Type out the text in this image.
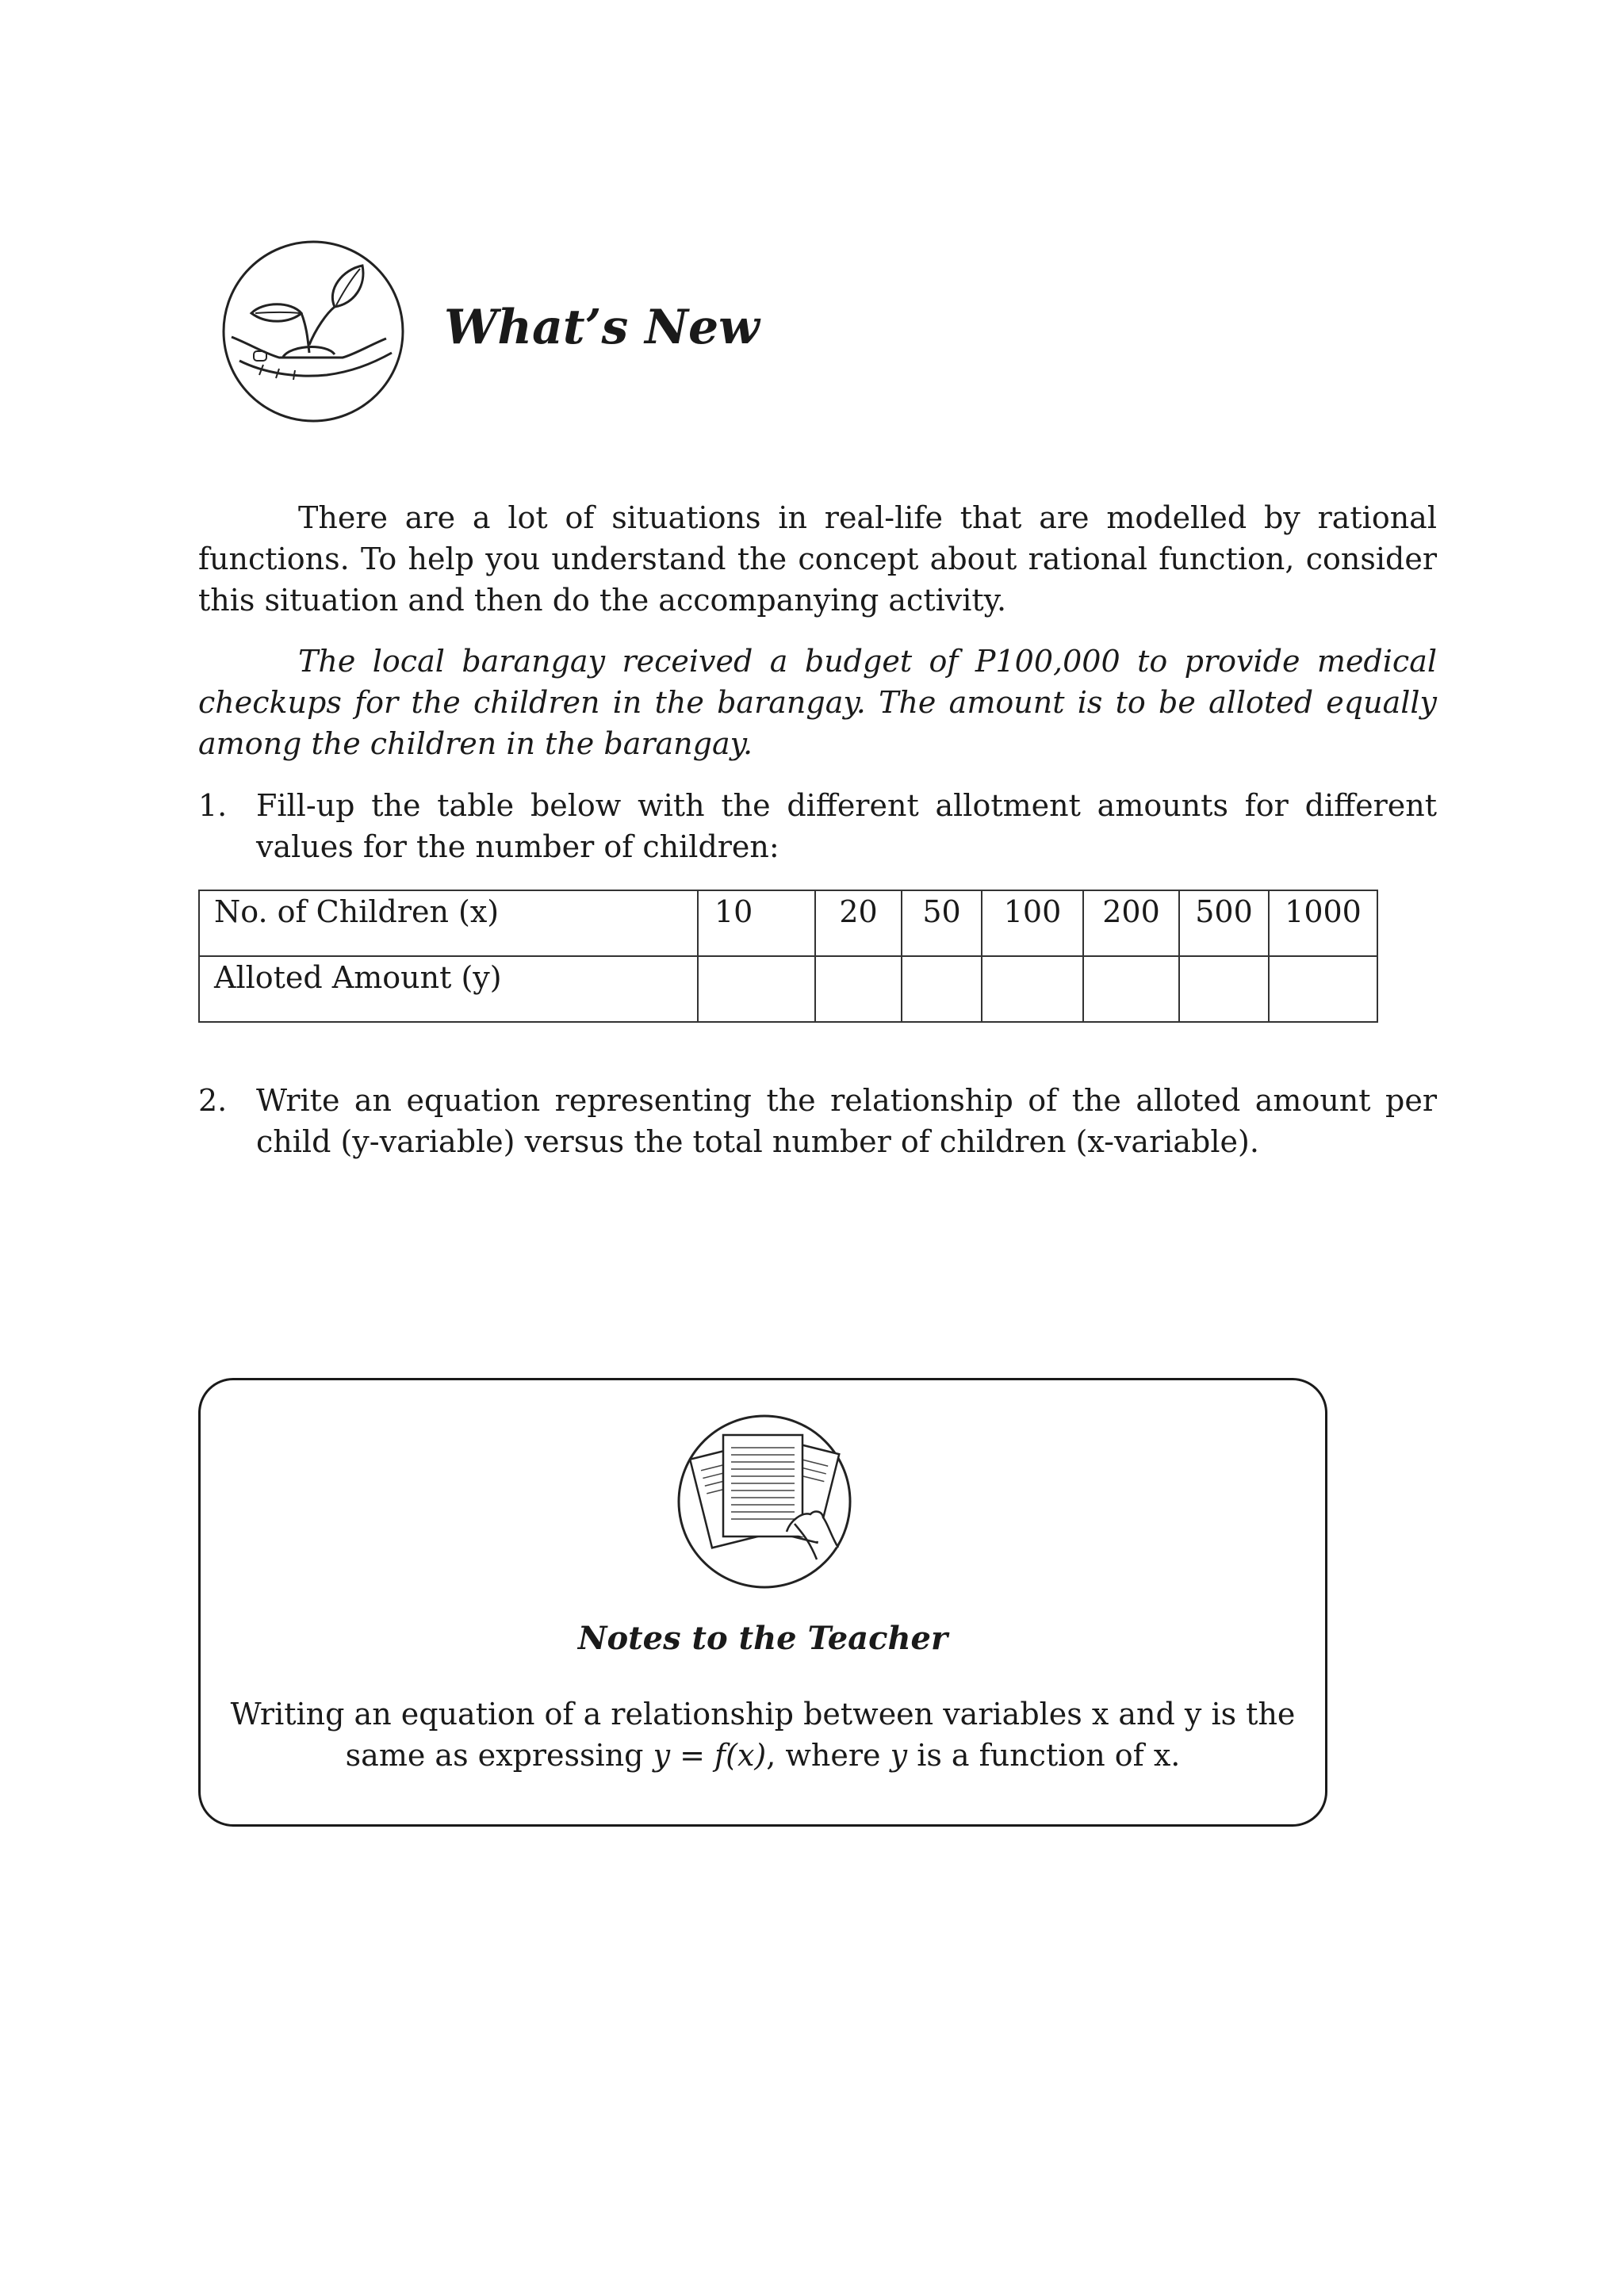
What’s New

There are a lot of situations in real-life that are modelled by rational functions. To help you understand the concept about rational function, consider this situation and then do the accompanying activity.

The local barangay received a budget of P100,000 to provide medical checkups for the children in the barangay. The amount is to be alloted equally among the children in the barangay.

1. Fill-up the table below with the different allotment amounts for different values for the number of children:
No. of Children (x)	10	20	50	100	200	500	1000
Alloted Amount (y)							
2. Write an equation representing the relationship of the alloted amount per child (y-variable) versus the total number of children (x-variable).
Notes to the Teacher
Writing an equation of a relationship between variables x and y is the
same as expressing y = f(x), where y is a function of x.
